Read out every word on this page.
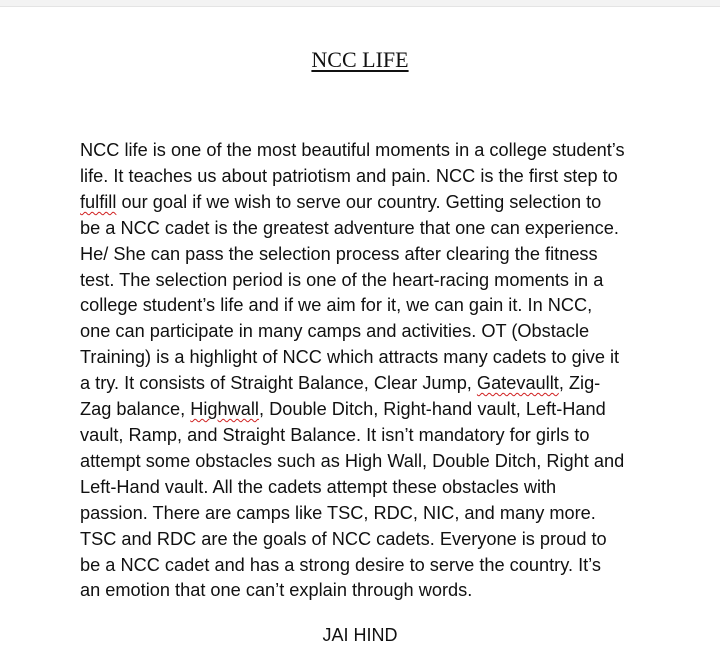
NCC LIFE
NCC life is one of the most beautiful moments in a college student’s
life. It teaches us about patriotism and pain. NCC is the first step to
fulfill our goal if we wish to serve our country. Getting selection to
be a NCC cadet is the greatest adventure that one can experience.
He/ She can pass the selection process after clearing the fitness
test. The selection period is one of the heart-racing moments in a
college student’s life and if we aim for it, we can gain it. In NCC,
one can participate in many camps and activities. OT (Obstacle
Training) is a highlight of NCC which attracts many cadets to give it
a try. It consists of Straight Balance, Clear Jump, Gatevaullt, Zig-
Zag balance, Highwall, Double Ditch, Right-hand vault, Left-Hand
vault, Ramp, and Straight Balance. It isn’t mandatory for girls to
attempt some obstacles such as High Wall, Double Ditch, Right and
Left-Hand vault. All the cadets attempt these obstacles with
passion. There are camps like TSC, RDC, NIC, and many more.
TSC and RDC are the goals of NCC cadets. Everyone is proud to
be a NCC cadet and has a strong desire to serve the country. It’s
an emotion that one can’t explain through words.
JAI HIND
